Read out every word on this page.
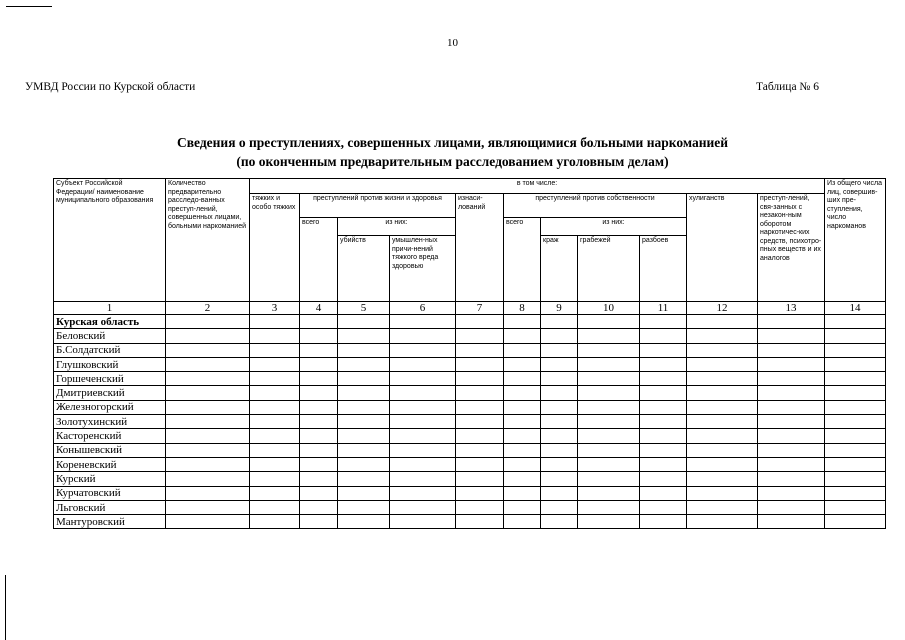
10
УМВД России по Курской области	Таблица № 6
Сведения о преступлениях, совершенных лицами, являющимися больными наркоманией
(по оконченным предварительным расследованием уголовным делам)
Субъект Российской Федерации/ наименование муниципального образования	Количество предварительно расследо-ванных преступ-лений, совершенных лицами, больными наркоманией	в том числе:											Из общего числа лиц, совершив-ших пре-ступления, число наркоманов
		тяжких и особо тяжких	преступлений против жизни и здоровья			изнаси-лований	преступлений против собственности				хулиганств	преступ-лений, свя-занных с незакон-ным оборотом наркотичес-ких средств, психотро-пных веществ и их аналогов	
			всего	из них:			всего	из них:					
				убийств	умышлен-ных причи-нений тяжкого вреда здоровью			краж	грабежей	разбоев			
1	2	3	4	5	6	7	8	9	10	11	12	13	14
Курская область													
Беловский													
Б.Солдатский													
Глушковский													
Горшеченский													
Дмитриевский													
Железногорский													
Золотухинский													
Касторенский													
Конышевский													
Кореневский													
Курский													
Курчатовский													
Льговский													
Мантуровский													
